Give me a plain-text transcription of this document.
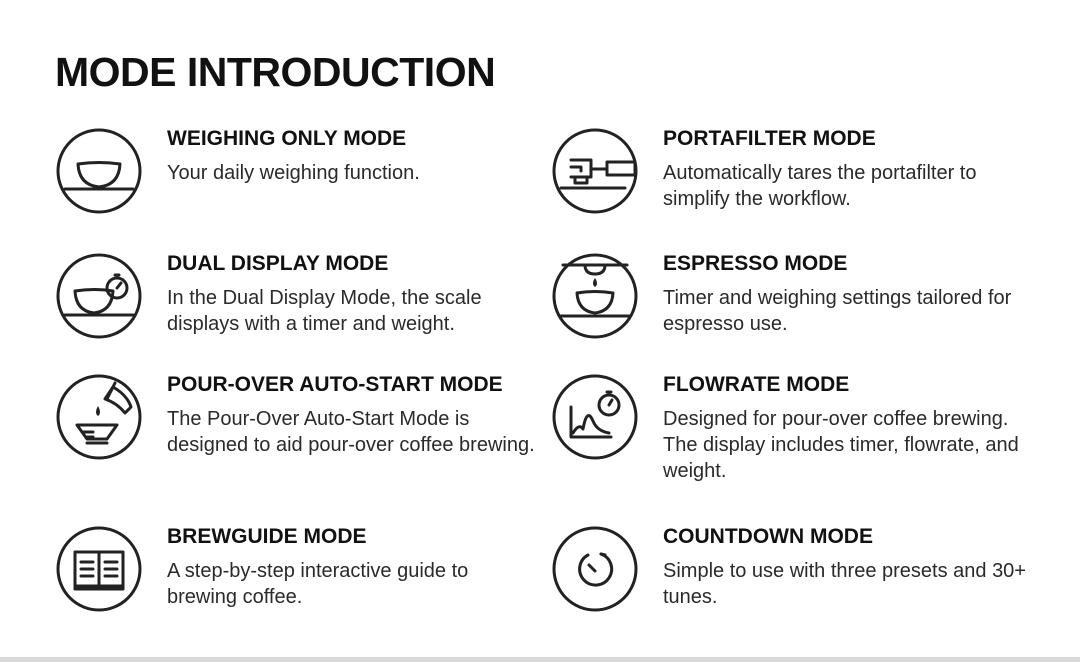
MODE INTRODUCTION

WEIGHING ONLY MODE

Your daily weighing function.

DUAL DISPLAY MODE

In the Dual Display Mode, the scale displays with a timer and weight.

POUR-OVER AUTO-START MODE

The Pour-Over Auto-Start Mode is designed to aid pour-over coffee brewing.

BREWGUIDE MODE

A step-by-step interactive guide to brewing coffee.

PORTAFILTER MODE

Automatically tares the portafilter to simplify the workflow.

ESPRESSO MODE

Timer and weighing settings tailored for espresso use.

FLOWRATE MODE

Designed for pour-over coffee brewing. The display includes timer, flowrate, and weight.

COUNTDOWN MODE

Simple to use with three presets and 30+ tunes.
